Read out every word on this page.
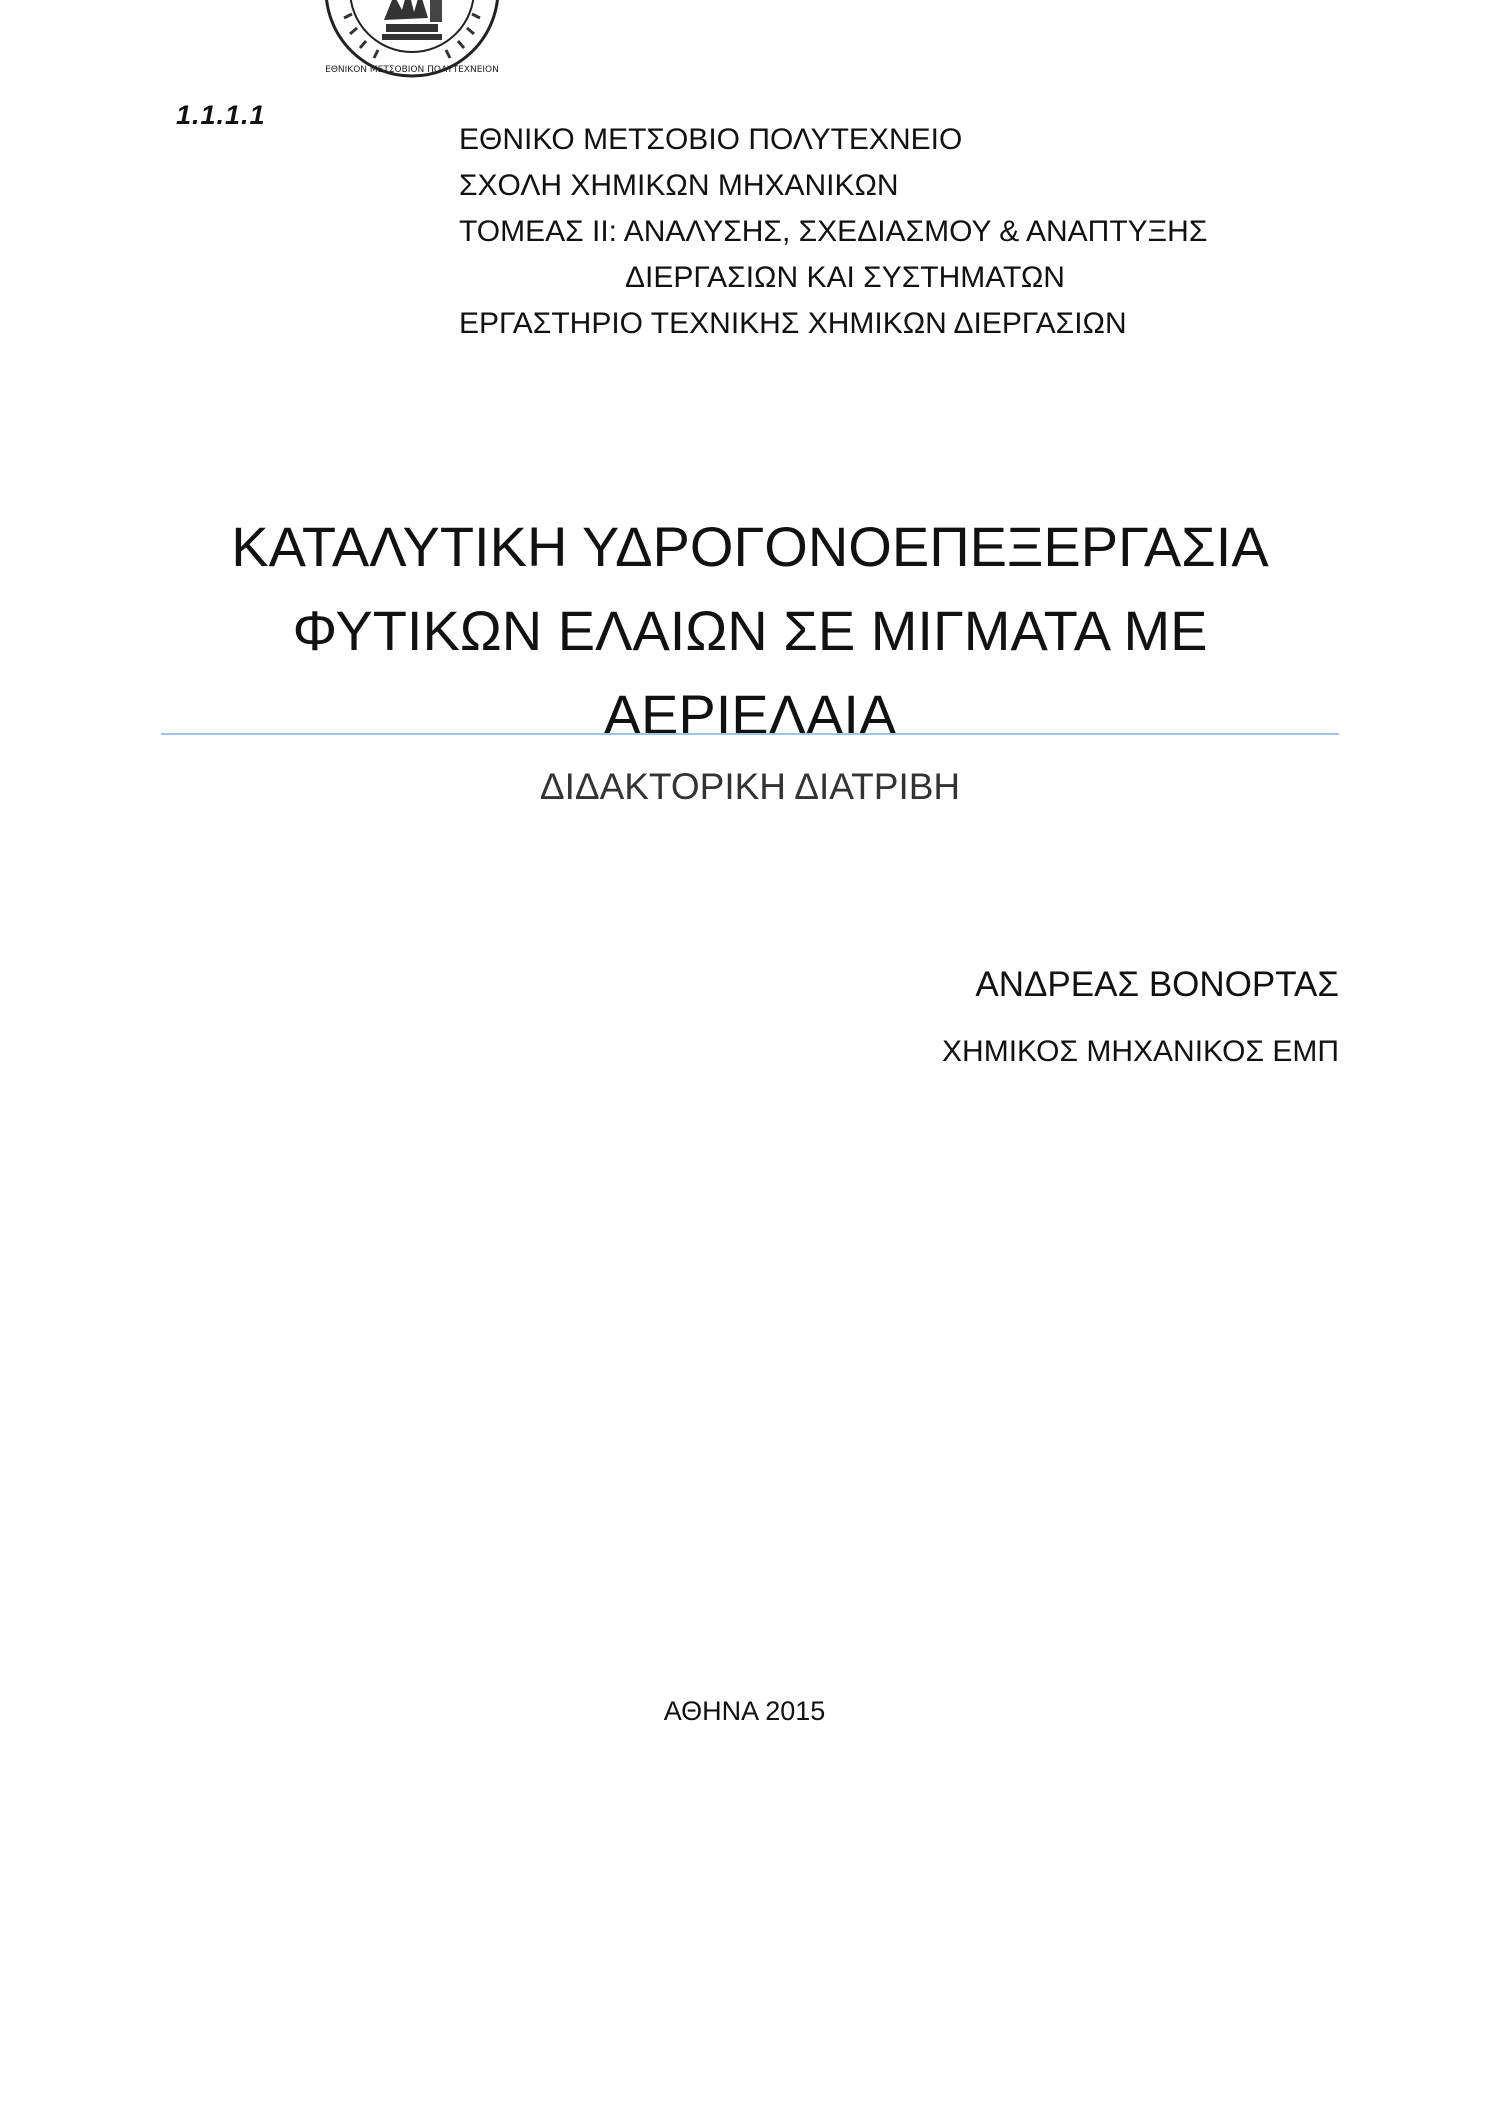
ΕΘΝΙΚΟΝ ΜΕΤΣΟΒΙΟΝ ΠΟΛΥΤΕΧΝΕΙΟΝ
1.1.1.1
ΕΘΝΙΚΟ ΜΕΤΣΟΒΙΟ ΠΟΛΥΤΕΧΝΕΙΟ
ΣΧΟΛΗ ΧΗΜΙΚΩΝ ΜΗΧΑΝΙΚΩΝ
ΤΟΜΕΑΣ ΙΙ: ΑΝΑΛΥΣΗΣ, ΣΧΕΔΙΑΣΜΟΥ & ΑΝΑΠΤΥΞΗΣ
ΔΙΕΡΓΑΣΙΩΝ ΚΑΙ ΣΥΣΤΗΜΑΤΩΝ
ΕΡΓΑΣΤΗΡΙΟ ΤΕΧΝΙΚΗΣ ΧΗΜΙΚΩΝ ΔΙΕΡΓΑΣΙΩΝ
ΚΑΤΑΛΥΤΙΚΗ ΥΔΡΟΓΟΝΟΕΠΕΞΕΡΓΑΣΙΑ
ΦΥΤΙΚΩΝ ΕΛΑΙΩΝ ΣΕ ΜΙΓΜΑΤΑ ΜΕ
ΑΕΡΙΕΛΑΙΑ
ΔΙΔΑΚΤΟΡΙΚΗ ΔΙΑΤΡΙΒΗ
ΑΝΔΡΕΑΣ ΒΟΝΟΡΤΑΣ
ΧΗΜΙΚΟΣ ΜΗΧΑΝΙΚΟΣ ΕΜΠ
ΑΘΗΝΑ 2015
